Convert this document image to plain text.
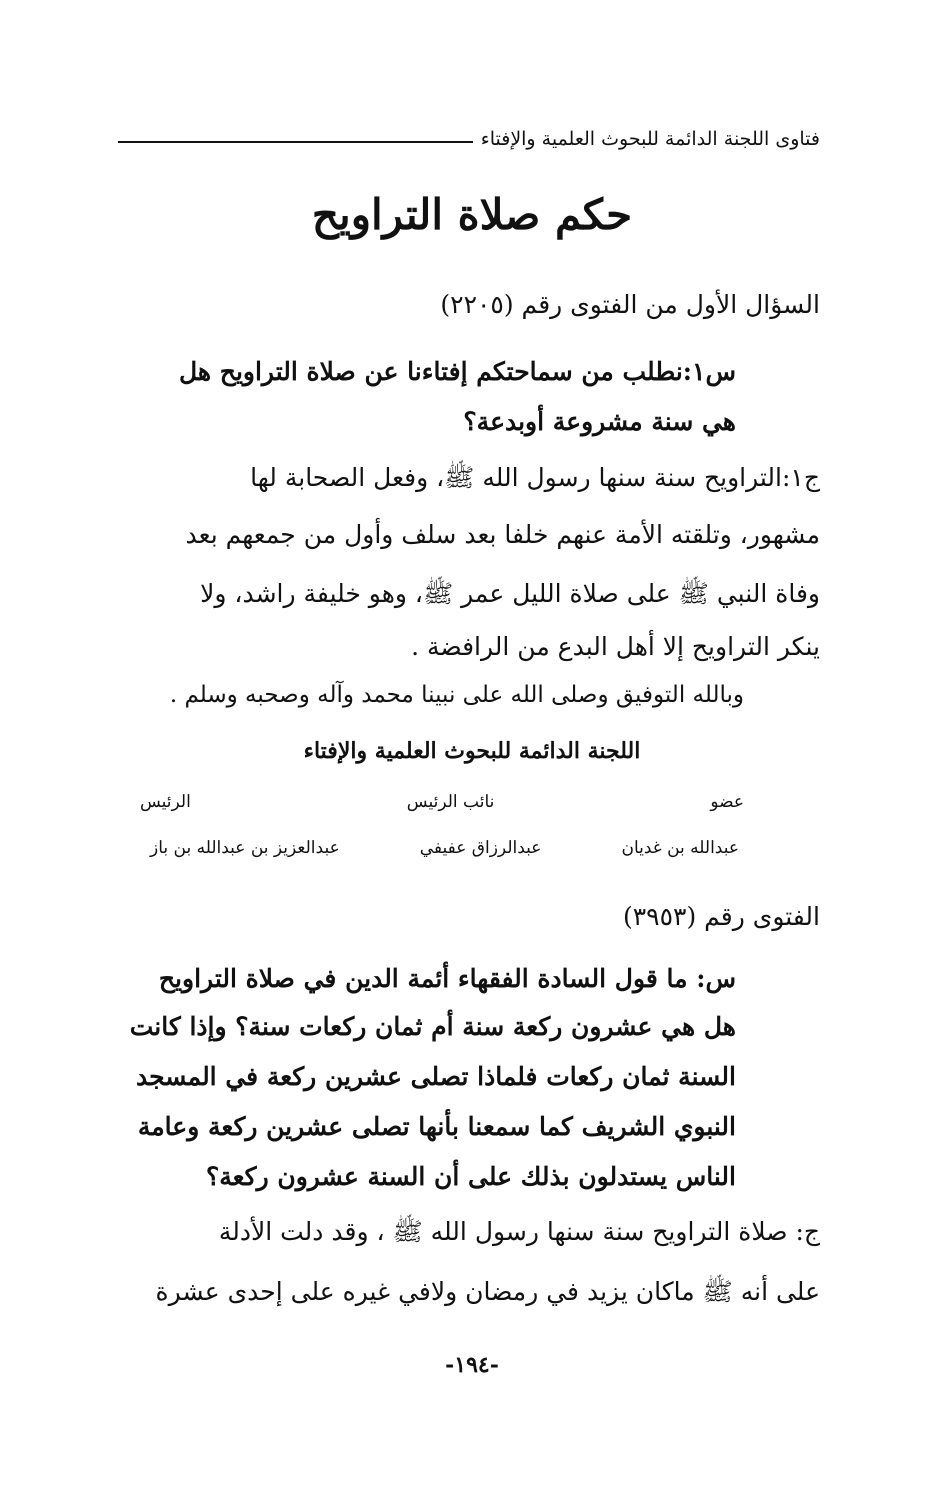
فتاوى اللجنة الدائمة للبحوث العلمية والإفتاء
حكم صلاة التراويح
السؤال الأول من الفتوى رقم (٢٢٠٥)
س١:نطلب من سماحتكم إفتاءنا عن صلاة التراويح هل
هي سنة مشروعة أوبدعة؟
ج١:التراويح سنة سنها رسول الله ﷺ، وفعل الصحابة لها
مشهور، وتلقته الأمة عنهم خلفا بعد سلف وأول من جمعهم بعد
وفاة النبي ﷺ على صلاة الليل عمر ﷺ، وهو خليفة راشد، ولا
ينكر التراويح إلا أهل البدع من الرافضة .
وبالله التوفيق وصلى الله على نبينا محمد وآله وصحبه وسلم .
اللجنة الدائمة للبحوث العلمية والإفتاء
عضو
نائب الرئيس
الرئيس
عبدالله بن غديان
عبدالرزاق عفيفي
عبدالعزيز بن عبدالله بن باز
الفتوى رقم (٣٩٥٣)
س: ما قول السادة الفقهاء أئمة الدين في صلاة التراويح
هل هي عشرون ركعة سنة أم ثمان ركعات سنة؟ وإذا كانت
السنة ثمان ركعات فلماذا تصلى عشرين ركعة في المسجد
النبوي الشريف كما سمعنا بأنها تصلى عشرين ركعة وعامة
الناس يستدلون بذلك على أن السنة عشرون ركعة؟
ج: صلاة التراويح سنة سنها رسول الله ﷺ ، وقد دلت الأدلة
على أنه ﷺ ماكان يزيد في رمضان ولافي غيره على إحدى عشرة
-١٩٤-
